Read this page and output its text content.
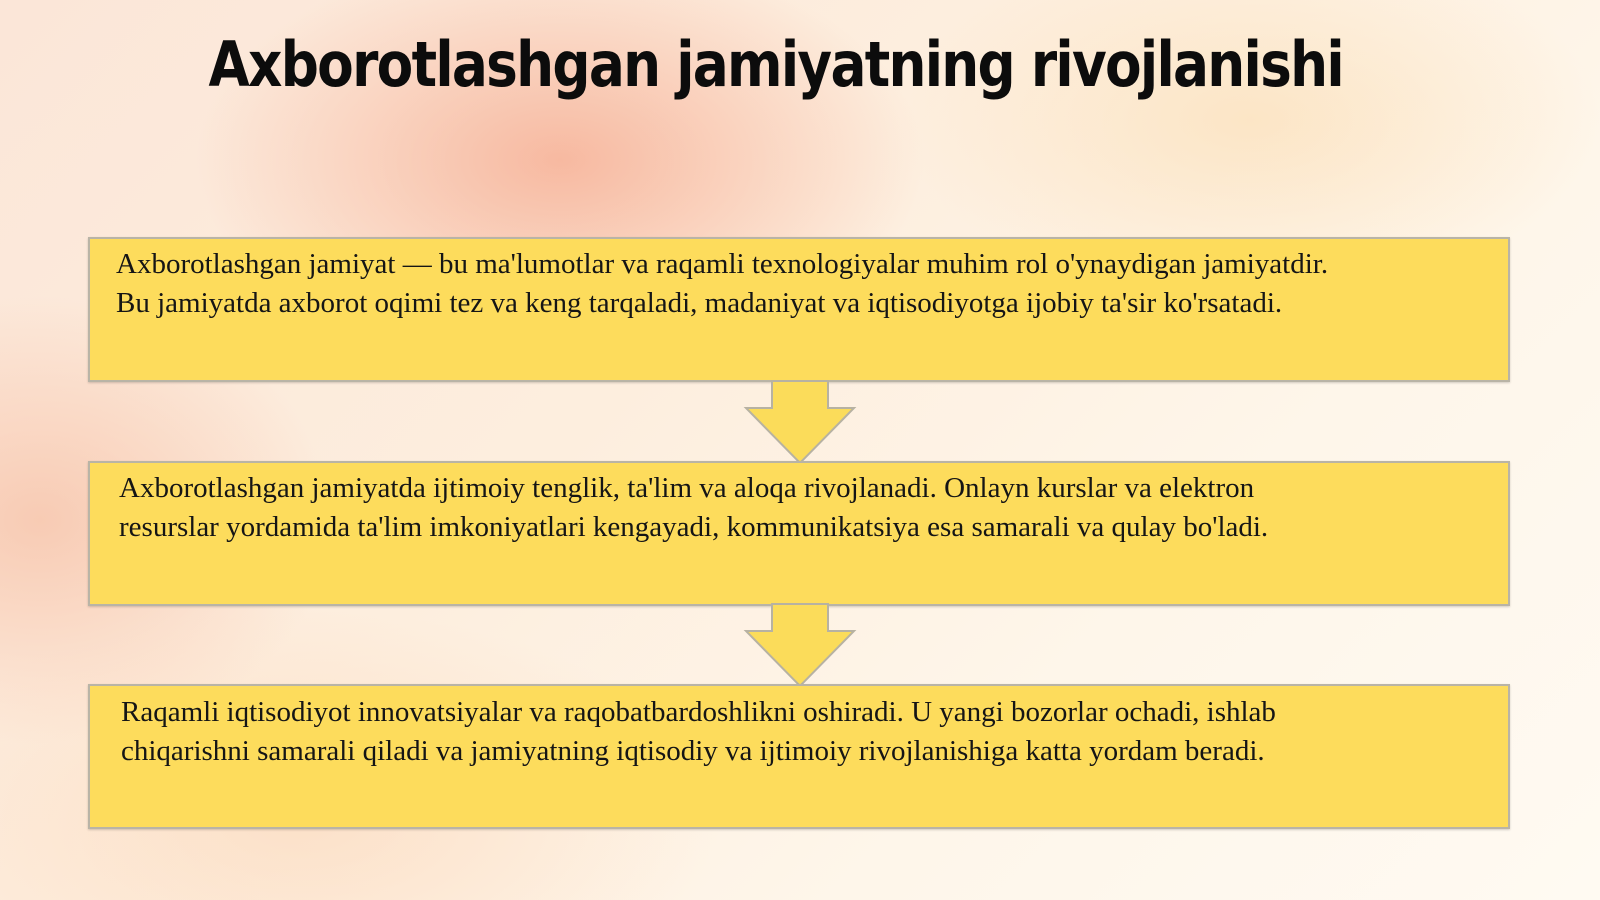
Axborotlashgan jamiyatning rivojlanishi
Axborotlashgan jamiyat — bu ma'lumotlar va raqamli texnologiyalar muhim rol o'ynaydigan jamiyatdir.
Bu jamiyatda axborot oqimi tez va keng tarqaladi, madaniyat va iqtisodiyotga ijobiy ta'sir ko'rsatadi.
Axborotlashgan jamiyatda ijtimoiy tenglik, ta'lim va aloqa rivojlanadi. Onlayn kurslar va elektron
resurslar yordamida ta'lim imkoniyatlari kengayadi, kommunikatsiya esa samarali va qulay bo'ladi.
Raqamli iqtisodiyot innovatsiyalar va raqobatbardoshlikni oshiradi. U yangi bozorlar ochadi, ishlab
chiqarishni samarali qiladi va jamiyatning iqtisodiy va ijtimoiy rivojlanishiga katta yordam beradi.
